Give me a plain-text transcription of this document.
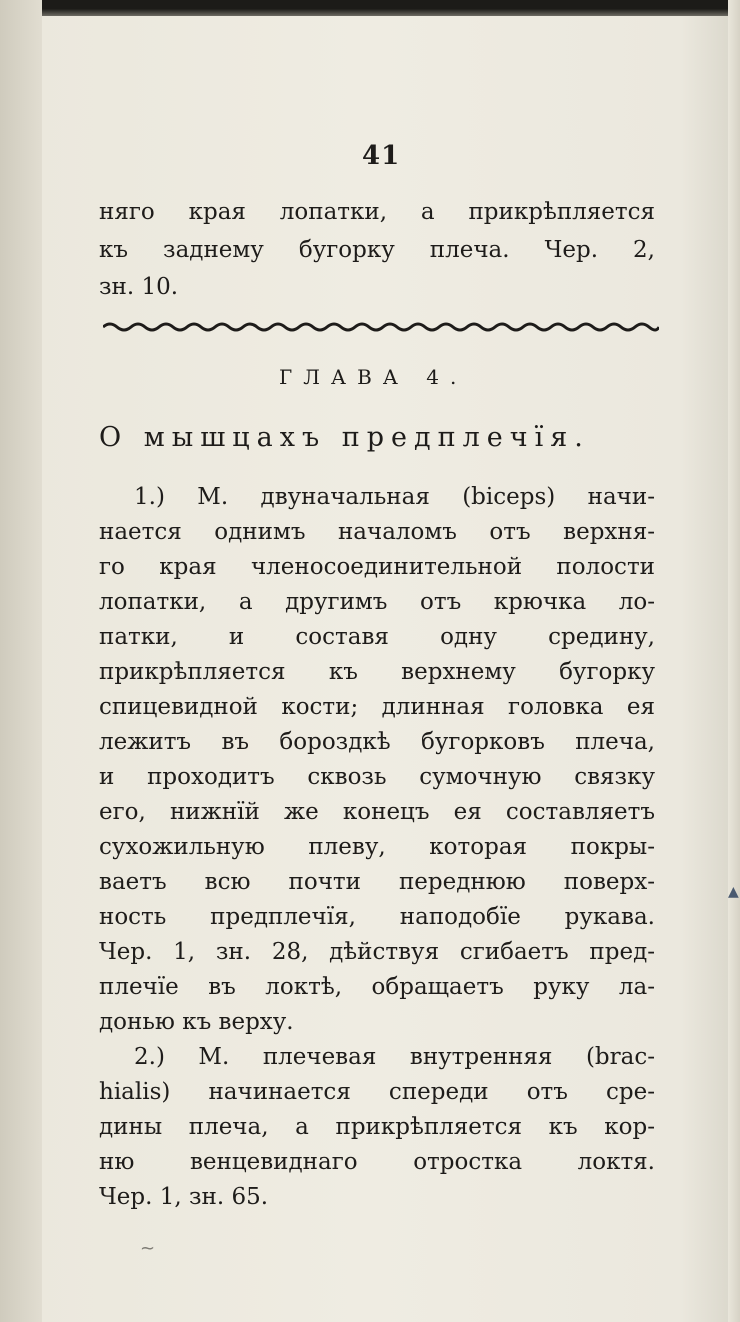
41
няго края лопатки, а прикрѣпляется
къ заднему бугорку плеча. Чер. 2,
зн. 10.
ГЛАВА 4.
О мышцахъ предплечїя.
1.) М. двуначальная (biceps) начи-
нается однимъ началомъ отъ верхня-
го края членосоединительной полости
лопатки, а другимъ отъ крючка ло-
патки, и составя одну средину,
прикрѣпляется къ верхнему бугорку
спицевидной кости; длинная головка ея
лежитъ въ бороздкѣ бугорковъ плеча,
и проходитъ сквозь сумочную связку
его, нижнїй же конецъ ея составляетъ
сухожильную плеву, которая покры-
ваетъ всю почти переднюю поверх-
ность предплечїя, наподобїе рукава.
Чер. 1, зн. 28, дѣйствуя сгибаетъ пред-
плечїе въ локтѣ, обращаетъ руку ла-
донью къ верху.
2.) М. плечевая внутренняя (brac-
hialis) начинается спереди отъ сре-
дины плеча, а прикрѣпляется къ кор-
ню венцевиднаго отростка локтя.
Чер. 1, зн. 65.
~
▲
